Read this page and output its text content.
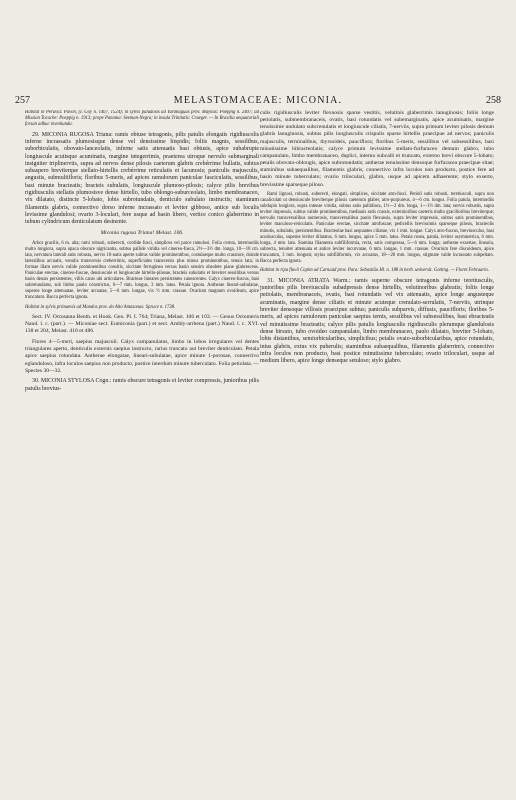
257	MELASTOMACEAE: MICONIA.	258

Habitat in Peruvia: Pavon, (I. Goy n. 1467, 1524); in sylvis paludosis ad Yurimaguas prov. Maynas: Poeppig n. 2407; ad Mission Tocache: Poeppig n. 1913; prope Panama: Seeman-Negra; in insula Trinitatis: Crueger. — In Brasilia aequatoriali forsan adhuc inveniunda.

29. MICONIA RUGOSA Triana: ramis obtuse tetragonis, pilis patulis elongatis rigidiuscolis inferne incrassatis plumosisque dense vel densissime hispidis; foliis magnis, sessilibus, suborbiculatis, obovato-lanceolatis, inferne satis attenuatis basi obtusis, apice subabrupte longiuscule acutisque acuminatis, margine integerrimis, praeterea utroque nervulo submarginali insigniter triplinerviis, supra ad nervos dense pilosis caeterum glabris crebérrime bullatis, subtus subaspero breviterque stellato-hirtellis crebérrime reticulatis et lacunosis; paniculis majusculis, angustis, submultifloris; floribus 5-meris, ad apices ramulorum paniculae fasciculatis, sessilibus, basi minute bracteatis; bracteis subulatis, longiuscule plumoso-pilosis; calyce pilis brevibus rigidiusculis stellatis plumosisve dense hirtello, tubo oblongo-suburceolato, limbo membranaceo, vix dilatato, distincte 5-lobato, lobis subrotundatis, denticulo subulato instructis; staminum filamentis glabris, connectivo dorso inferne incrassato et leviter gibboso, antice sub loculis levissime glandulosi; ovario 3-loculari, fere usque ad basin libero, vertice conico glaberrimo in tubum cylindricum denticulatum desinente.

Miconia rugosa Triana! Melast. 106.

Arbor gracilis, 6 m. alta; rami robusti, suberecti, cordide fusci, simplices vel parce ramulosi. Folia cernta, intermodiis multo longiora, supra opaca obscure nigricantia, subtus pallide viridia vel cinereo-fusca, 2½—3½ dm. longa, 10—18 cm. lata, nervatura laterali satis robusta, nervis 10-natis aperte subtus valide prominentibus, costulaeque multo crassiore, doinde lateralibus arcuatis, venulis transversis creberrimis, superficiales transversis plus minus prominentibus, tenuis lata; in formae illam nervis valide prominentibus consitis, siccitate ferruginea versus basin sensim obsolete plane glabrescens. Paniculae erectae, cinereo-fuscae, densiuscule et longiuscule hirtello-pilosae, bracteis subulatis et breviter sessilibus versus basin densis persistentes, villis canis ubi articulares. Bracteae lineares persistentes canescentes. Calyx cinereo-fuscus, basi subretundatus, sub limbo paulo constrictus, 6—7 mm. longus, 3 mm. latus. Petala ignota. Antherae lineari-subulatae, superne longe attenuatae, leviter arcuatae, 5—6 mm. longae, vix ½ mm. crassae. Ovarium magnum ovoideum, apice truncatum. Bacca perfecta ignota.

Habitat in sylvis primaevis ad Mandos prov. do Alto Amazonas: Spruce n. 1738.

Sect. IV. Octosanta Benth. et Hook. Gen. Pl. I. 764; Triana, Melast. 106 et 103. — Genus Octomeris Naud. l. c. (part.). — Miconiae sect. Eumiconia (part.) et sect. Ambly-arrhena (part.) Naud. l. c. XVI. 138 et 204, Melast. 410 et 486.

Flores 4—5-meri, saepius majusculi. Calyx campanulatus, limbo in lobos irregulares vel dentes triangulares aperto, denticulis externis saepius instructo, rarius truncato aut breviter denticulato. Petala apice saepius rotundata. Antherae elongatae, lineari-subulatae, apice minute 1-porosae, connectivo eglanduloso, infra loculos saepius non producto, postice interdum minute tuberculato. Folia petiolata. — Species 30—32.

30. MICONIA STYLOSA Cogn.: ramis obscure tetragonis et leviter compressis, junioribus pilis patulis brevius-

culis rigidiusculis leviter flexuosis sparse vestitis, velutinis glaberrimis lanuginosis; foliis longe petiolatis, submembranaceis, ovatis, basi rotundatis vel subemarginatis, apice acuminatis, margine tenuissime undulato subcrenulatis et longiuscule ciliatis, 7-nerviis, supra primum leviter pilosis demum glabris lanuginosis, subtus pilis longiusculis crispulis sparse hirtellis praecipue ad nervos; paniculis majusculis, terminalibus, thyrsoideis, pauciflora; floribus 5-meris, sessilibus vel subsessilibus, basi minutissime bibracteolatis; calyce primum levissime stellato-furfuraceo demum glabro, tubo campanulato, limbo membranaceo, duplici, interno subcalli et truncato, externo brevi obscure 5-lobato; petalis obovato-oblongis, apice subrotundatis; antherae tenuissime densoque furfuracea praecipue sitae; staminibus subaequalibus, filamentis glabris, connectivo infra loculos non producto, postice fere ad basin minute tuberculato; ovario triloculari, glabro, usque ad apicem adhaerente; stylo exserto, brevissime sparseque piloso.

Rami lignosi, robusti, suberecti, elongati, simplices, siccitate atro-fusci. Petioli satis robusti, teretiusculi, supra non canaliculati ut densiuscule breviterque pilosis caeterum glaber, atro-purpureus, 4—6 cm. longus. Folia patula, intermodiis subduplo longiora, supra intense viridia, subtus satis pallidiora, 1½—2 dm. longa, 1—1½ dm. lata; nervis robustis, supra leviter impressis, subtus valide prominentibus, medianis satis crassis, externioribus caeteris multo gracilioribus breviterque; nervulis transversalibus numerosis, transversalibus paulo flexuosis, supra leviter impressis, subtus satis prominentibus, leviter maculoso-reticulatis. Paniculae erectae, siccitate atrofuscae; pedicellis brevissimis sparseque pilosis, bracteolis minutis, subulatis, persistentibus. Bracteolae basi aequantes ciliatae, vix 1 mm. longae. Calyx atro-fuscus, breviusculus, basi acutiusculus, superne leviter dilatatus, 6 mm. longus, apice 5 mm. latus. Petala rosea, patula, leviter asymmetrica, 6 mm. longa, 4 mm. lata. Stamina filamenta subfiliformia, recta, satis compressa, 5—6 mm. longa; antherae exsertae, linearia, subrecta, tenuiter attenuata et antice leviter incurvatae, 6 mm. longae, 1 mm. crassae. Ovarium fere discoideum, apice truncatum, 3 mm. longum; stylus subfiliformis, vix arcuatus, 18—20 mm. longus, stigmate valde incrassato subpeltato. Bacca perfecta ignota.

Habitat in ripa fluvii Capim ad Carnaúd prov. Para: Sebastião Hl. n. 188 in herb. universit. Gotting. — Floret Februario.

31. MICONIA ATRATA Warm.: ramis superne obscure tetragonis inferne teretiusculis, junioribus pilis breviusculis subadpressis dense hirtellis, velutinoribus glabratis; foliis longe petiolatis, membranaceis, ovatis, basi rotundatis vel vix attenuatis, apice longe angusteque acuminatis, margine dense ciliatis et minute acuteque crenulato-serrulatis, 7-nerviis, utrinque breviter densoque villosis praecipue subtus; paniculis subparvis, diffusis, paucifloris; floribus 5-meris, ad apices ramulorum paniculae saepius ternis, sessilibus vel subsessilibus, basi ebracteatis vel minutissime bracteatis; calyce pilis patulis longiusculis rigidiusculis plerumque glandulosis dense hirsuto, tubo ovoideo campanulato, limbo membranaceo, paulo dilatato, breviter 5-lobato, lobis distantibus, semiorbicularibus, simplicibus; petalis ovato-suborbicularibus, apice rotundatis, intus glabris, extus vix puberulis; staminibus subaequalibus, filamentis glaberrim's, connectivo infra loculos non producto, basi postice minutissime tuberculato; ovario triloculari, usque ad medium libero, apice longe denseque setuloso; stylo glabro.
